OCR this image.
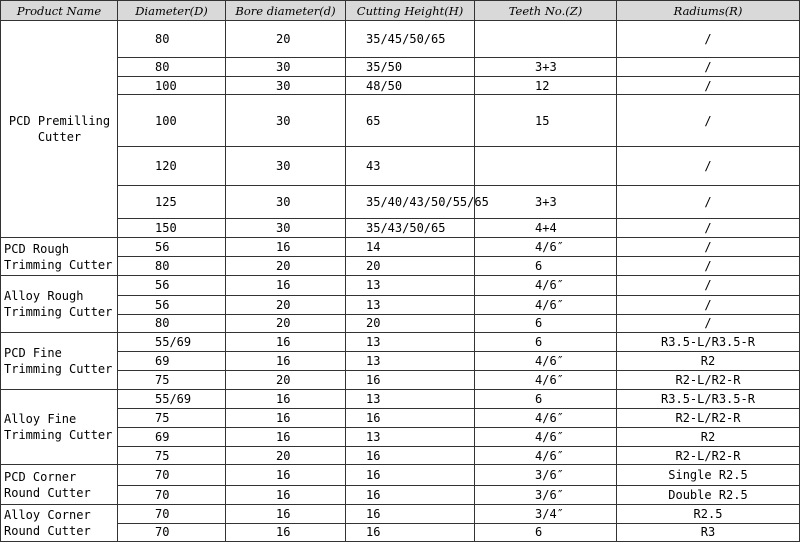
Product Name	Diameter(D)	Bore diameter(d)	Cutting Height(H)	Teeth No.(Z)	Radiums(R)
PCD Premilling Cutter	80	20	35/45/50/65		/
	80	30	35/50	3+3	/
	100	30	48/50	12	/
	100	30	65	15	/
	120	30	43		/
	125	30	35/40/43/50/55/65	3+3	/
	150	30	35/43/50/65	4+4	/
PCD Rough Trimming Cutter	56	16	14	4/6″	/
	80	20	20	6	/
Alloy Rough Trimming Cutter	56	16	13	4/6″	/
	56	20	13	4/6″	/
	80	20	20	6	/
PCD Fine Trimming Cutter	55/69	16	13	6	R3.5-L/R3.5-R
	69	16	13	4/6″	R2
	75	20	16	4/6″	R2-L/R2-R
Alloy Fine Trimming Cutter	55/69	16	13	6	R3.5-L/R3.5-R
	75	16	16	4/6″	R2-L/R2-R
	69	16	13	4/6″	R2
	75	20	16	4/6″	R2-L/R2-R
PCD Corner Round Cutter	70	16	16	3/6″	Single R2.5
	70	16	16	3/6″	Double R2.5
Alloy Corner Round Cutter	70	16	16	3/4″	R2.5
	70	16	16	6	R3
